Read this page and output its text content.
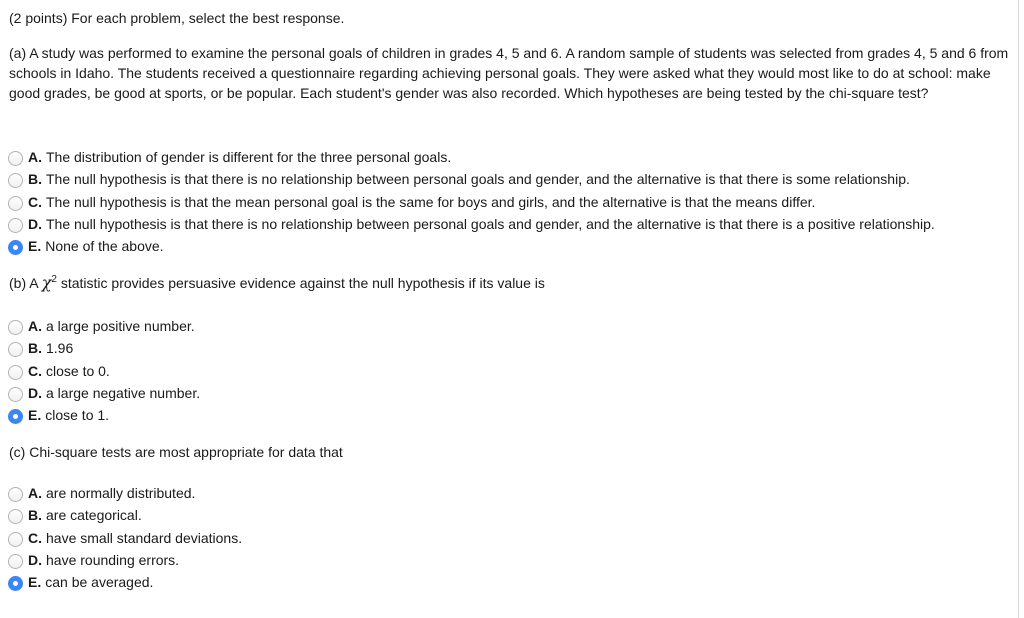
(2 points) For each problem, select the best response.
(a) A study was performed to examine the personal goals of children in grades 4, 5 and 6. A random sample of students was selected from grades 4, 5 and 6 from schools in Idaho. The students received a questionnaire regarding achieving personal goals. They were asked what they would most like to do at school: make good grades, be good at sports, or be popular. Each student's gender was also recorded. Which hypotheses are being tested by the chi-square test?
A. The distribution of gender is different for the three personal goals.
B. The null hypothesis is that there is no relationship between personal goals and gender, and the alternative is that there is some relationship.
C. The null hypothesis is that the mean personal goal is the same for boys and girls, and the alternative is that the means differ.
D. The null hypothesis is that there is no relationship between personal goals and gender, and the alternative is that there is a positive relationship.
E. None of the above.
(b) A $\chi^2$ statistic provides persuasive evidence against the null hypothesis if its value is
A. a large positive number.
B. 1.96
C. close to 0.
D. a large negative number.
E. close to 1.
(c) Chi-square tests are most appropriate for data that
A. are normally distributed.
B. are categorical.
C. have small standard deviations.
D. have rounding errors.
E. can be averaged.
